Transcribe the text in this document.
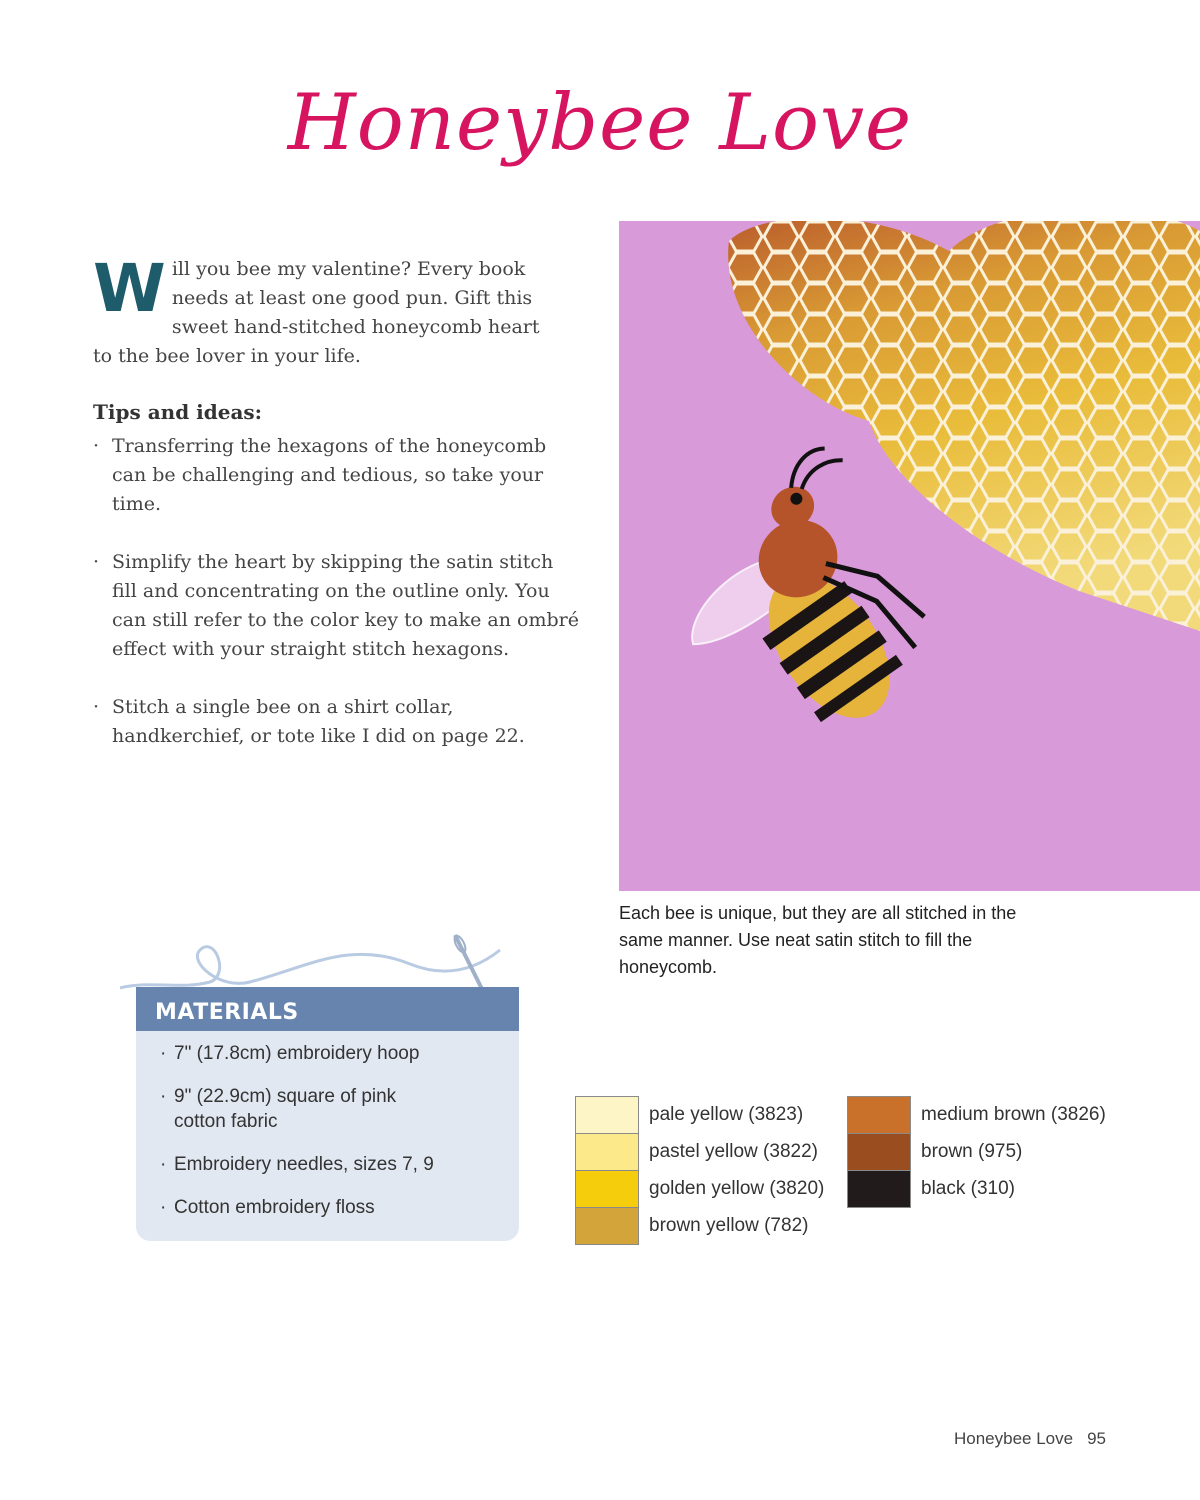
Honeybee Love
W ill you bee my valentine? Every book needs at least one good pun. Gift this sweet hand-stitched honeycomb heart to the bee lover in your life.
Tips and ideas:
· Transferring the hexagons of the honeycomb can be challenging and tedious, so take your time.
· Simplify the heart by skipping the satin stitch fill and concentrating on the outline only. You can still refer to the color key to make an ombré effect with your straight stitch hexagons.
· Stitch a single bee on a shirt collar, handkerchief, or tote like I did on page 22.
Each bee is unique, but they are all stitched in the same manner. Use neat satin stitch to fill the honeycomb.
MATERIALS
· 7" (17.8cm) embroidery hoop
· 9" (22.9cm) square of pink cotton fabric
· Embroidery needles, sizes 7, 9
· Cotton embroidery floss
pale yellow (3823)
pastel yellow (3822)
golden yellow (3820)
brown yellow (782)
medium brown (3826)
brown (975)
black (310)
Honeybee Love 95
